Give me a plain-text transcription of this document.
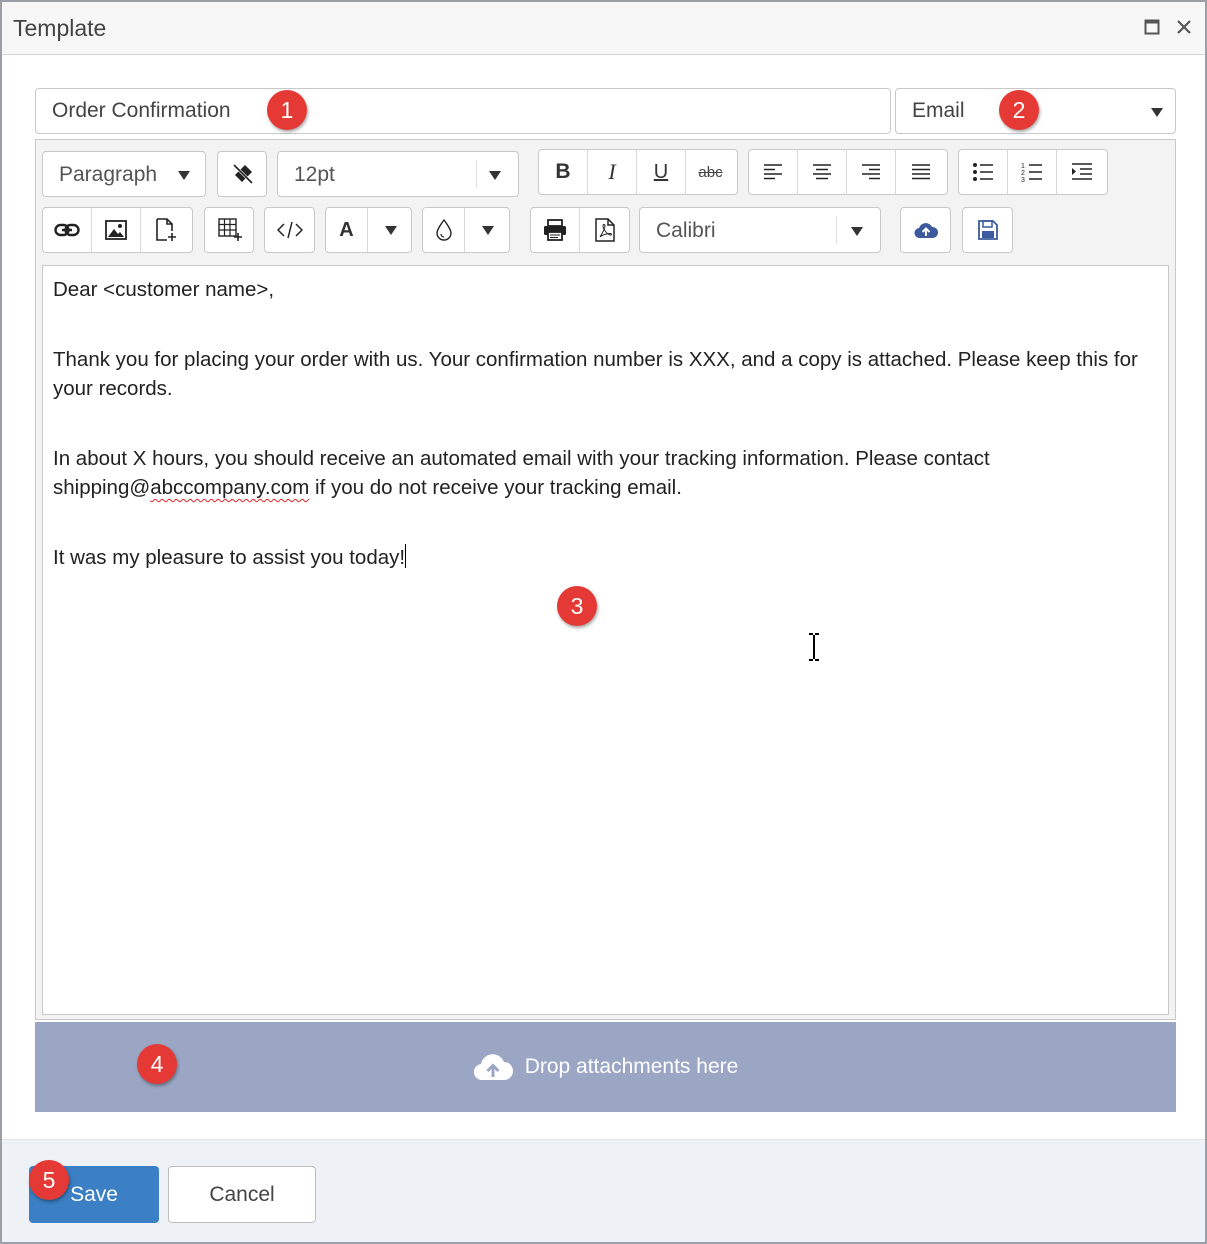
Template
Order Confirmation	Email
Paragraph	12pt	B I U abc	1
2
3
A	Calibri

Dear <customer name>,

Thank you for placing your order with us. Your confirmation number is XXX, and a copy is attached. Please keep this for your records.

In about X hours, you should receive an automated email with your tracking information. Please contact shipping@abccompany.com if you do not receive your tracking email.

It was my pleasure to assist you today!

Drop attachments here
Save	Cancel
1	2
3
4
5
